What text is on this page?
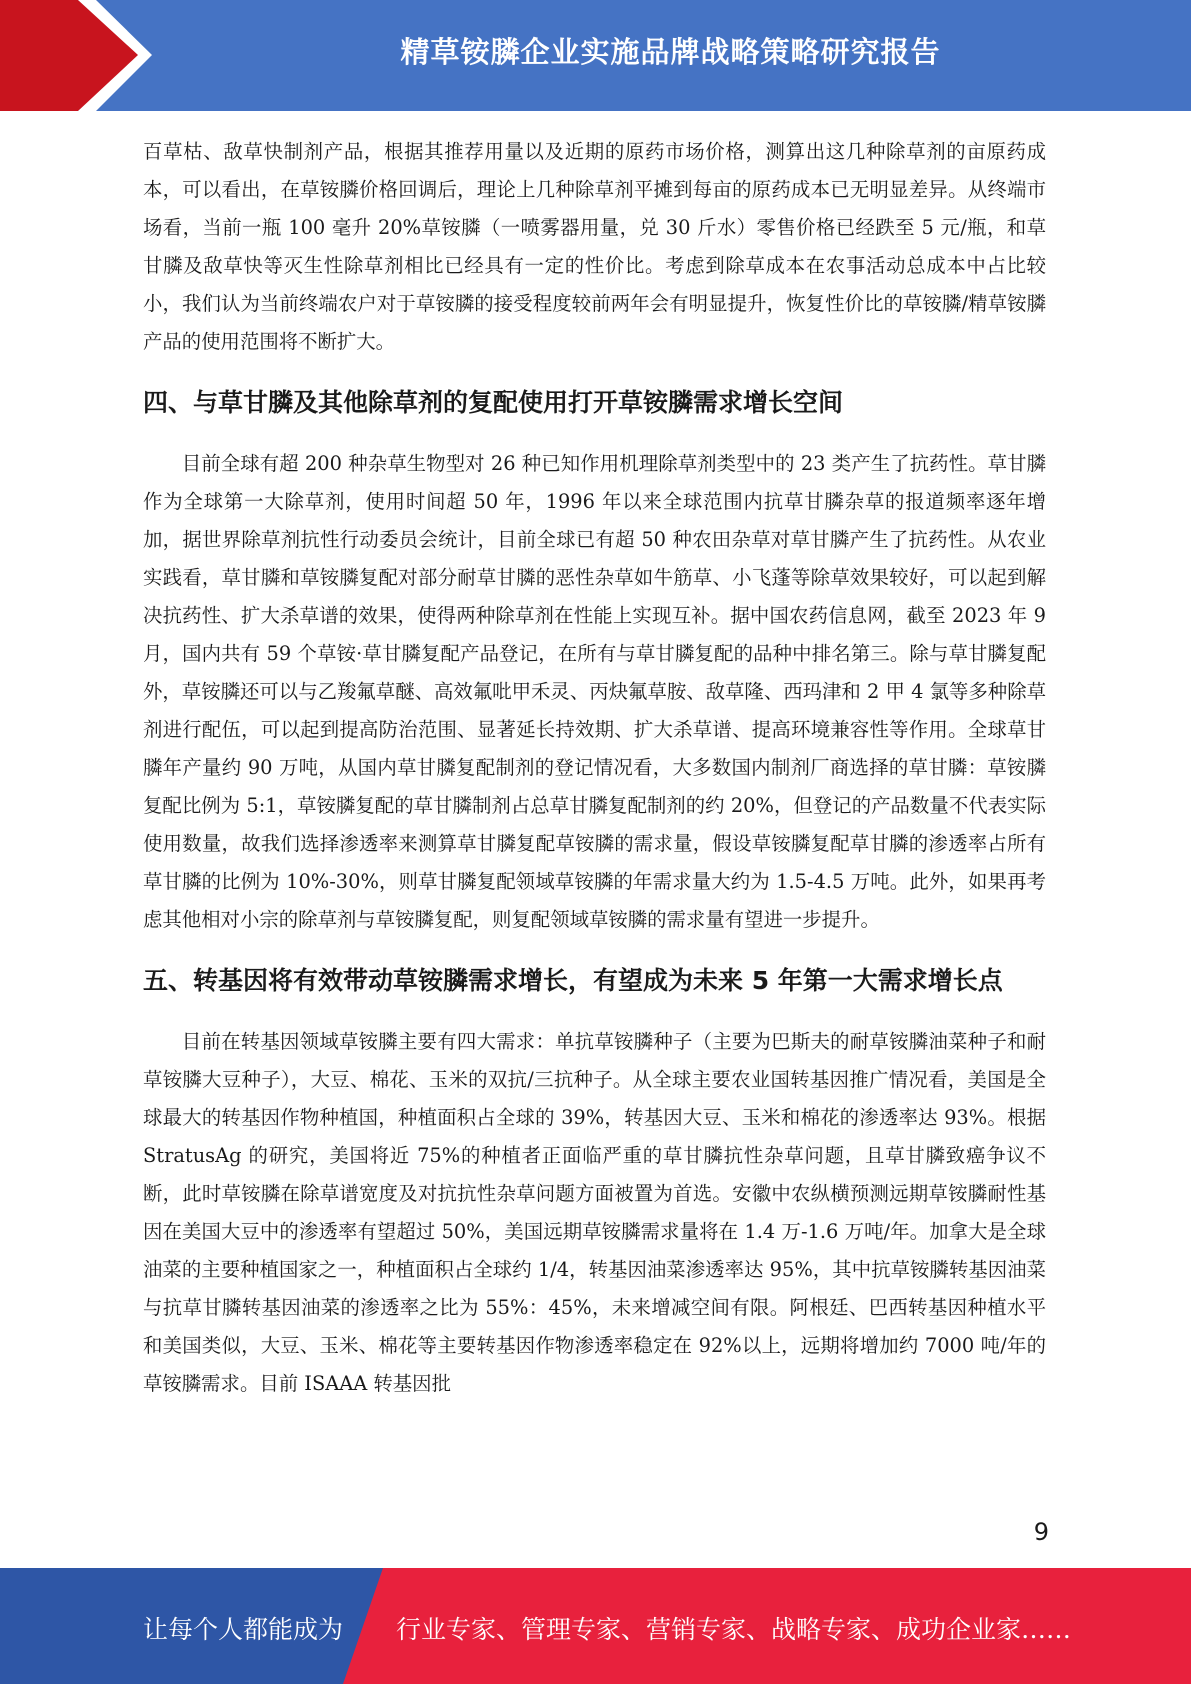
精草铵膦企业实施品牌战略策略研究报告

百草枯、敌草快制剂产品，根据其推荐用量以及近期的原药市场价格，测算出这几种除草剂的亩原药成本，可以看出，在草铵膦价格回调后，理论上几种除草剂平摊到每亩的原药成本已无明显差异。从终端市场看，当前一瓶 100 毫升 20%草铵膦（一喷雾器用量，兑 30 斤水）零售价格已经跌至 5 元/瓶，和草甘膦及敌草快等灭生性除草剂相比已经具有一定的性价比。考虑到除草成本在农事活动总成本中占比较小，我们认为当前终端农户对于草铵膦的接受程度较前两年会有明显提升，恢复性价比的草铵膦/精草铵膦产品的使用范围将不断扩大。

四、与草甘膦及其他除草剂的复配使用打开草铵膦需求增长空间

目前全球有超 200 种杂草生物型对 26 种已知作用机理除草剂类型中的 23 类产生了抗药性。草甘膦作为全球第一大除草剂，使用时间超 50 年，1996 年以来全球范围内抗草甘膦杂草的报道频率逐年增加，据世界除草剂抗性行动委员会统计，目前全球已有超 50 种农田杂草对草甘膦产生了抗药性。从农业实践看，草甘膦和草铵膦复配对部分耐草甘膦的恶性杂草如牛筋草、小飞蓬等除草效果较好，可以起到解决抗药性、扩大杀草谱的效果，使得两种除草剂在性能上实现互补。据中国农药信息网，截至 2023 年 9 月，国内共有 59 个草铵·草甘膦复配产品登记，在所有与草甘膦复配的品种中排名第三。除与草甘膦复配外，草铵膦还可以与乙羧氟草醚、高效氟吡甲禾灵、丙炔氟草胺、敌草隆、西玛津和 2 甲 4 氯等多种除草剂进行配伍，可以起到提高防治范围、显著延长持效期、扩大杀草谱、提高环境兼容性等作用。全球草甘膦年产量约 90 万吨，从国内草甘膦复配制剂的登记情况看，大多数国内制剂厂商选择的草甘膦：草铵膦复配比例为 5:1，草铵膦复配的草甘膦制剂占总草甘膦复配制剂的约 20%，但登记的产品数量不代表实际使用数量，故我们选择渗透率来测算草甘膦复配草铵膦的需求量，假设草铵膦复配草甘膦的渗透率占所有草甘膦的比例为 10%-30%，则草甘膦复配领域草铵膦的年需求量大约为 1.5-4.5 万吨。此外，如果再考虑其他相对小宗的除草剂与草铵膦复配，则复配领域草铵膦的需求量有望进一步提升。

五、转基因将有效带动草铵膦需求增长，有望成为未来 5 年第一大需求增长点

目前在转基因领域草铵膦主要有四大需求：单抗草铵膦种子（主要为巴斯夫的耐草铵膦油菜种子和耐草铵膦大豆种子），大豆、棉花、玉米的双抗/三抗种子。从全球主要农业国转基因推广情况看，美国是全球最大的转基因作物种植国，种植面积占全球的 39%，转基因大豆、玉米和棉花的渗透率达 93%。根据 StratusAg 的研究，美国将近 75%的种植者正面临严重的草甘膦抗性杂草问题，且草甘膦致癌争议不断，此时草铵膦在除草谱宽度及对抗抗性杂草问题方面被置为首选。安徽中农纵横预测远期草铵膦耐性基因在美国大豆中的渗透率有望超过 50%，美国远期草铵膦需求量将在 1.4 万-1.6 万吨/年。加拿大是全球油菜的主要种植国家之一，种植面积占全球约 1/4，转基因油菜渗透率达 95%，其中抗草铵膦转基因油菜与抗草甘膦转基因油菜的渗透率之比为 55%：45%，未来增减空间有限。阿根廷、巴西转基因种植水平和美国类似，大豆、玉米、棉花等主要转基因作物渗透率稳定在 92%以上，远期将增加约 7000 吨/年的草铵膦需求。目前 ISAAA 转基因批

9
让每个人都能成为 行业专家、管理专家、营销专家、战略专家、成功企业家……
